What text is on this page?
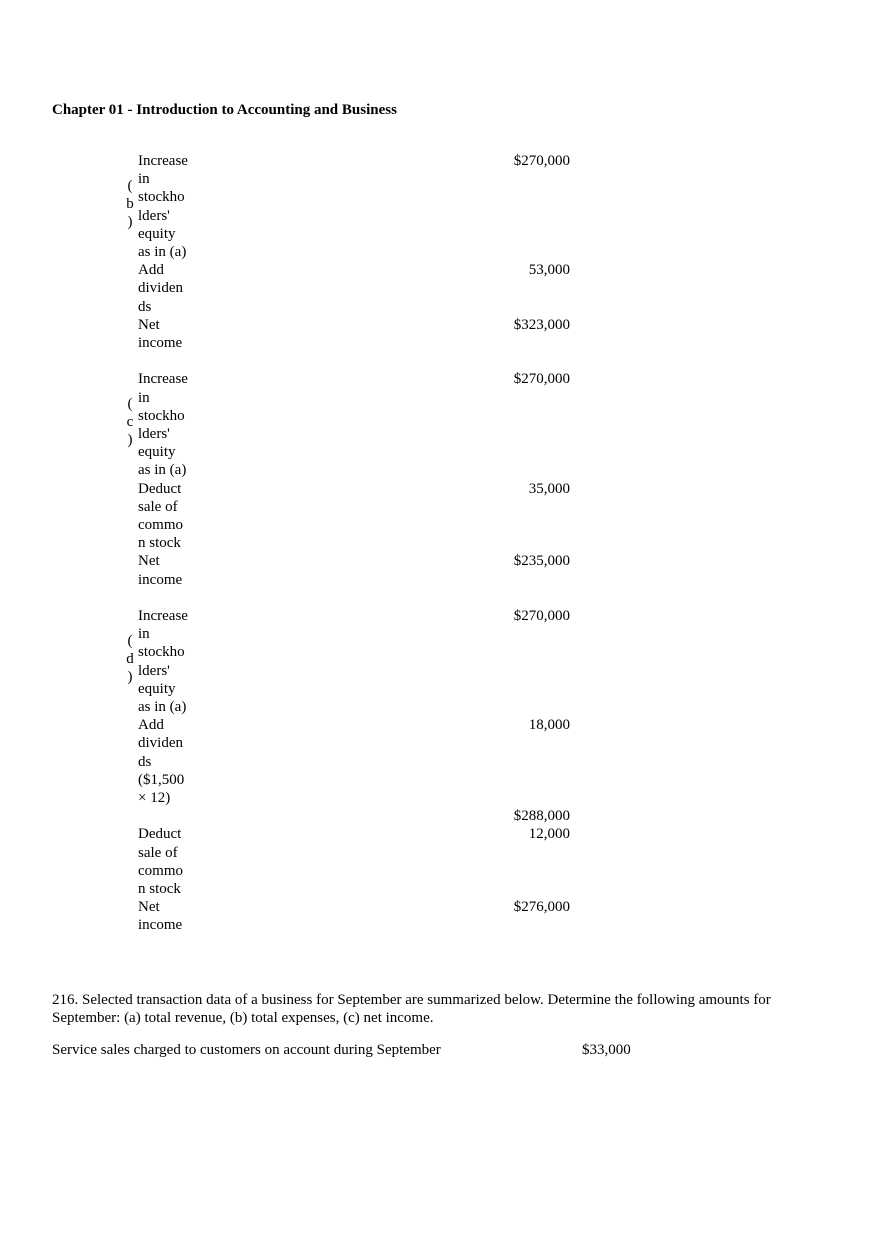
Chapter 01 - Introduction to Accounting and Business
(
b
)
Increase
in
stockho
lders'
equity
as in (a)
$270,000
Add
dividen
ds
53,000
Net
income
$323,000
(
c
)
Increase
in
stockho
lders'
equity
as in (a)
$270,000
Deduct
sale of
commo
n stock
35,000
Net
income
$235,000
(
d
)
Increase
in
stockho
lders'
equity
as in (a)
$270,000
Add
dividen
ds
($1,500
× 12)
18,000
$288,000
Deduct
sale of
commo
n stock
12,000
Net
income
$276,000
216. Selected transaction data of a business for September are summarized below. Determine the following amounts for September: (a) total revenue, (b) total expenses, (c) net income.
Service sales charged to customers on account during September	$33,000
